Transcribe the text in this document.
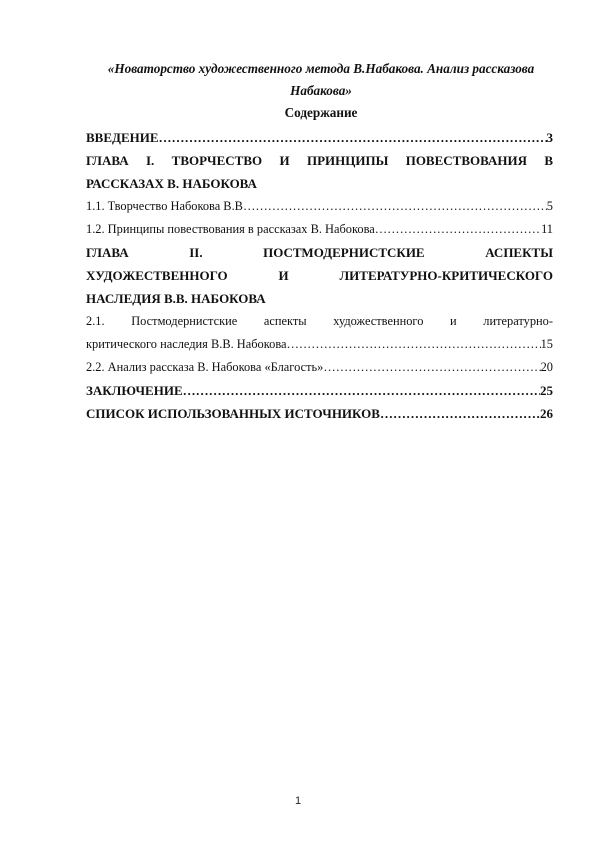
«Новаторство художественного метода В.Набакова. Анализ рассказова
Набакова»
Содержание
ВВЕДЕНИЕ …………………………………………………………………………………………………………………………………………………………………………………………………	3
ГЛАВА I. ТВОРЧЕСТВО И ПРИНЦИПЫ ПОВЕСТВОВАНИЯ В
РАССКАЗАХ В. НАБОКОВА
1.1. Творчество Набокова В.В …………………………………………………………………………………………………………………………………………………………………………………………………	5
1.2. Принципы повествования в рассказах В. Набокова …………………………………………………………………………………………………………………………………………………………………………………………………	11
ГЛАВА	II.	ПОСТМОДЕРНИСТСКИЕ	АСПЕКТЫ
ХУДОЖЕСТВЕННОГО	И	ЛИТЕРАТУРНО-КРИТИЧЕСКОГО
НАСЛЕДИЯ В.В. НАБОКОВА
2.1. Постмодернистские аспекты художественного и литературно-
критического наследия В.В. Набокова …………………………………………………………………………………………………………………………………………………………………………………………………	15
2.2. Анализ рассказа В. Набокова «Благость» …………………………………………………………………………………………………………………………………………………………………………………………………	20
ЗАКЛЮЧЕНИЕ …………………………………………………………………………………………………………………………………………………………………………………………………	25
СПИСОК ИСПОЛЬЗОВАННЫХ ИСТОЧНИКОВ …………………………………………………………………………………………………………………………………………………………………………………………………	26
1
